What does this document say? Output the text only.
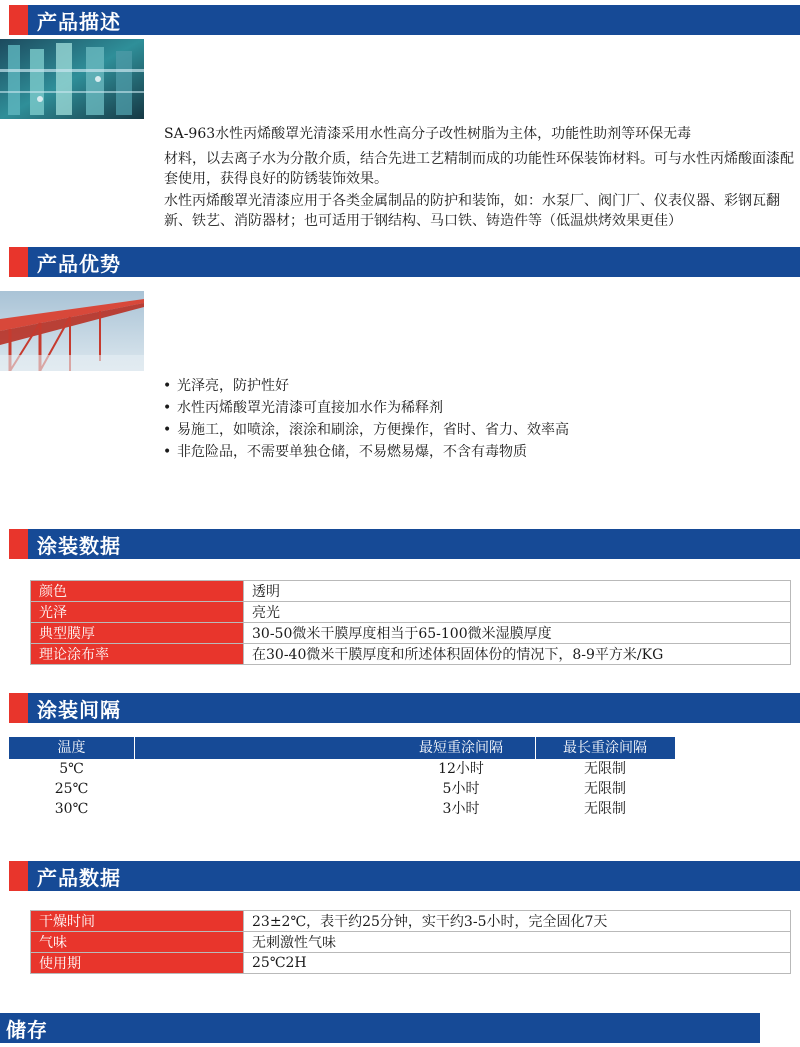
产品描述
SA-963水性丙烯酸罩光清漆采用水性高分子改性树脂为主体，功能性助剂等环保无毒
材料，以去离子水为分散介质，结合先进工艺精制而成的功能性环保装饰材料。可与水性丙烯酸面漆配套使用，获得良好的防锈装饰效果。
水性丙烯酸罩光清漆应用于各类金属制品的防护和装饰，如：水泵厂、阀门厂、仪表仪器、彩钢瓦翻新、铁艺、消防器材；也可适用于钢结构、马口铁、铸造件等（低温烘烤效果更佳）
产品优势
• 光泽亮，防护性好
• 水性丙烯酸罩光清漆可直接加水作为稀释剂
• 易施工，如喷涂，滚涂和刷涂，方便操作，省时、省力、效率高
• 非危险品，不需要单独仓储，不易燃易爆，不含有毒物质
涂装数据
颜色	透明
光泽	亮光
典型膜厚	30-50微米干膜厚度相当于65-100微米湿膜厚度
理论涂布率	在30-40微米干膜厚度和所述体积固体份的情况下，8-9平方米/KG
涂装间隔
温度	最短重涂间隔	最长重涂间隔
5℃	12小时	无限制
25℃	5小时	无限制
30℃	3小时	无限制
产品数据
干燥时间	23±2℃，表干约25分钟，实干约3-5小时，完全固化7天
气味	无刺激性气味
使用期	25℃2H
储存
